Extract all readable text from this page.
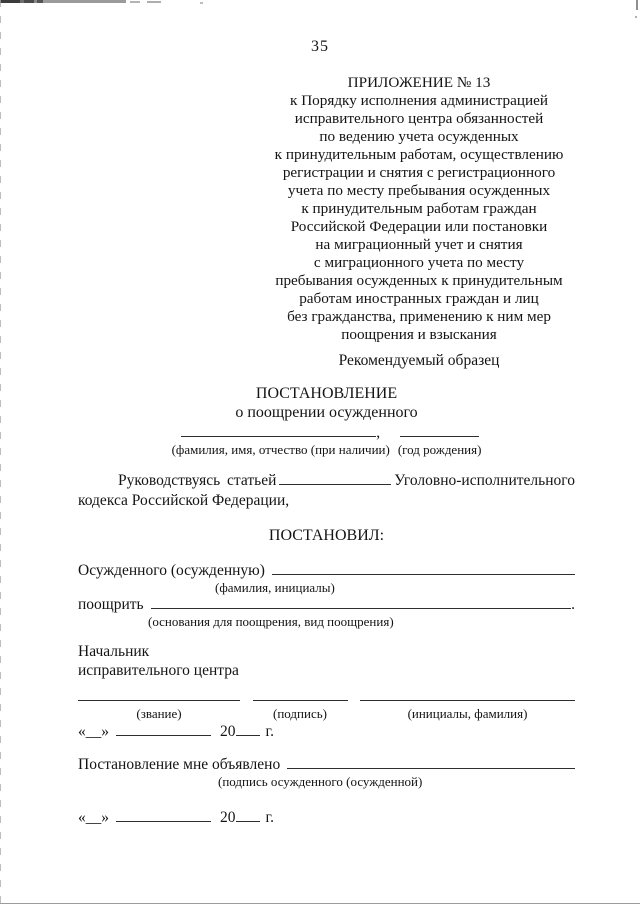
35
ПРИЛОЖЕНИЕ № 13
к Порядку исполнения администрацией
исправительного центра обязанностей
по ведению учета осужденных
к принудительным работам, осуществлению
регистрации и снятия с регистрационного
учета по месту пребывания осужденных
к принудительным работам граждан
Российской Федерации или постановки
на миграционный учет и снятия
с миграционного учета по месту
пребывания осужденных к принудительным
работам иностранных граждан и лиц
без гражданства, применению к ним мер
поощрения и взыскания
Рекомендуемый образец
ПОСТАНОВЛЕНИЕ
о поощрении осужденного
,
(фамилия, имя, отчество (при наличии) (год рождения)
Руководствуясь статьей	Уголовно-исполнительного
кодекса Российской Федерации,
ПОСТАНОВИЛ:
Осужденного (осужденную)
(фамилия, инициалы)
поощрить	.
(основания для поощрения, вид поощрения)
Начальник
исправительного центра
(звание)	(подпись)	(инициалы, фамилия)
«__»	20 г.
Постановление мне объявлено
(подпись осужденного (осужденной)
«__»	20 г.
